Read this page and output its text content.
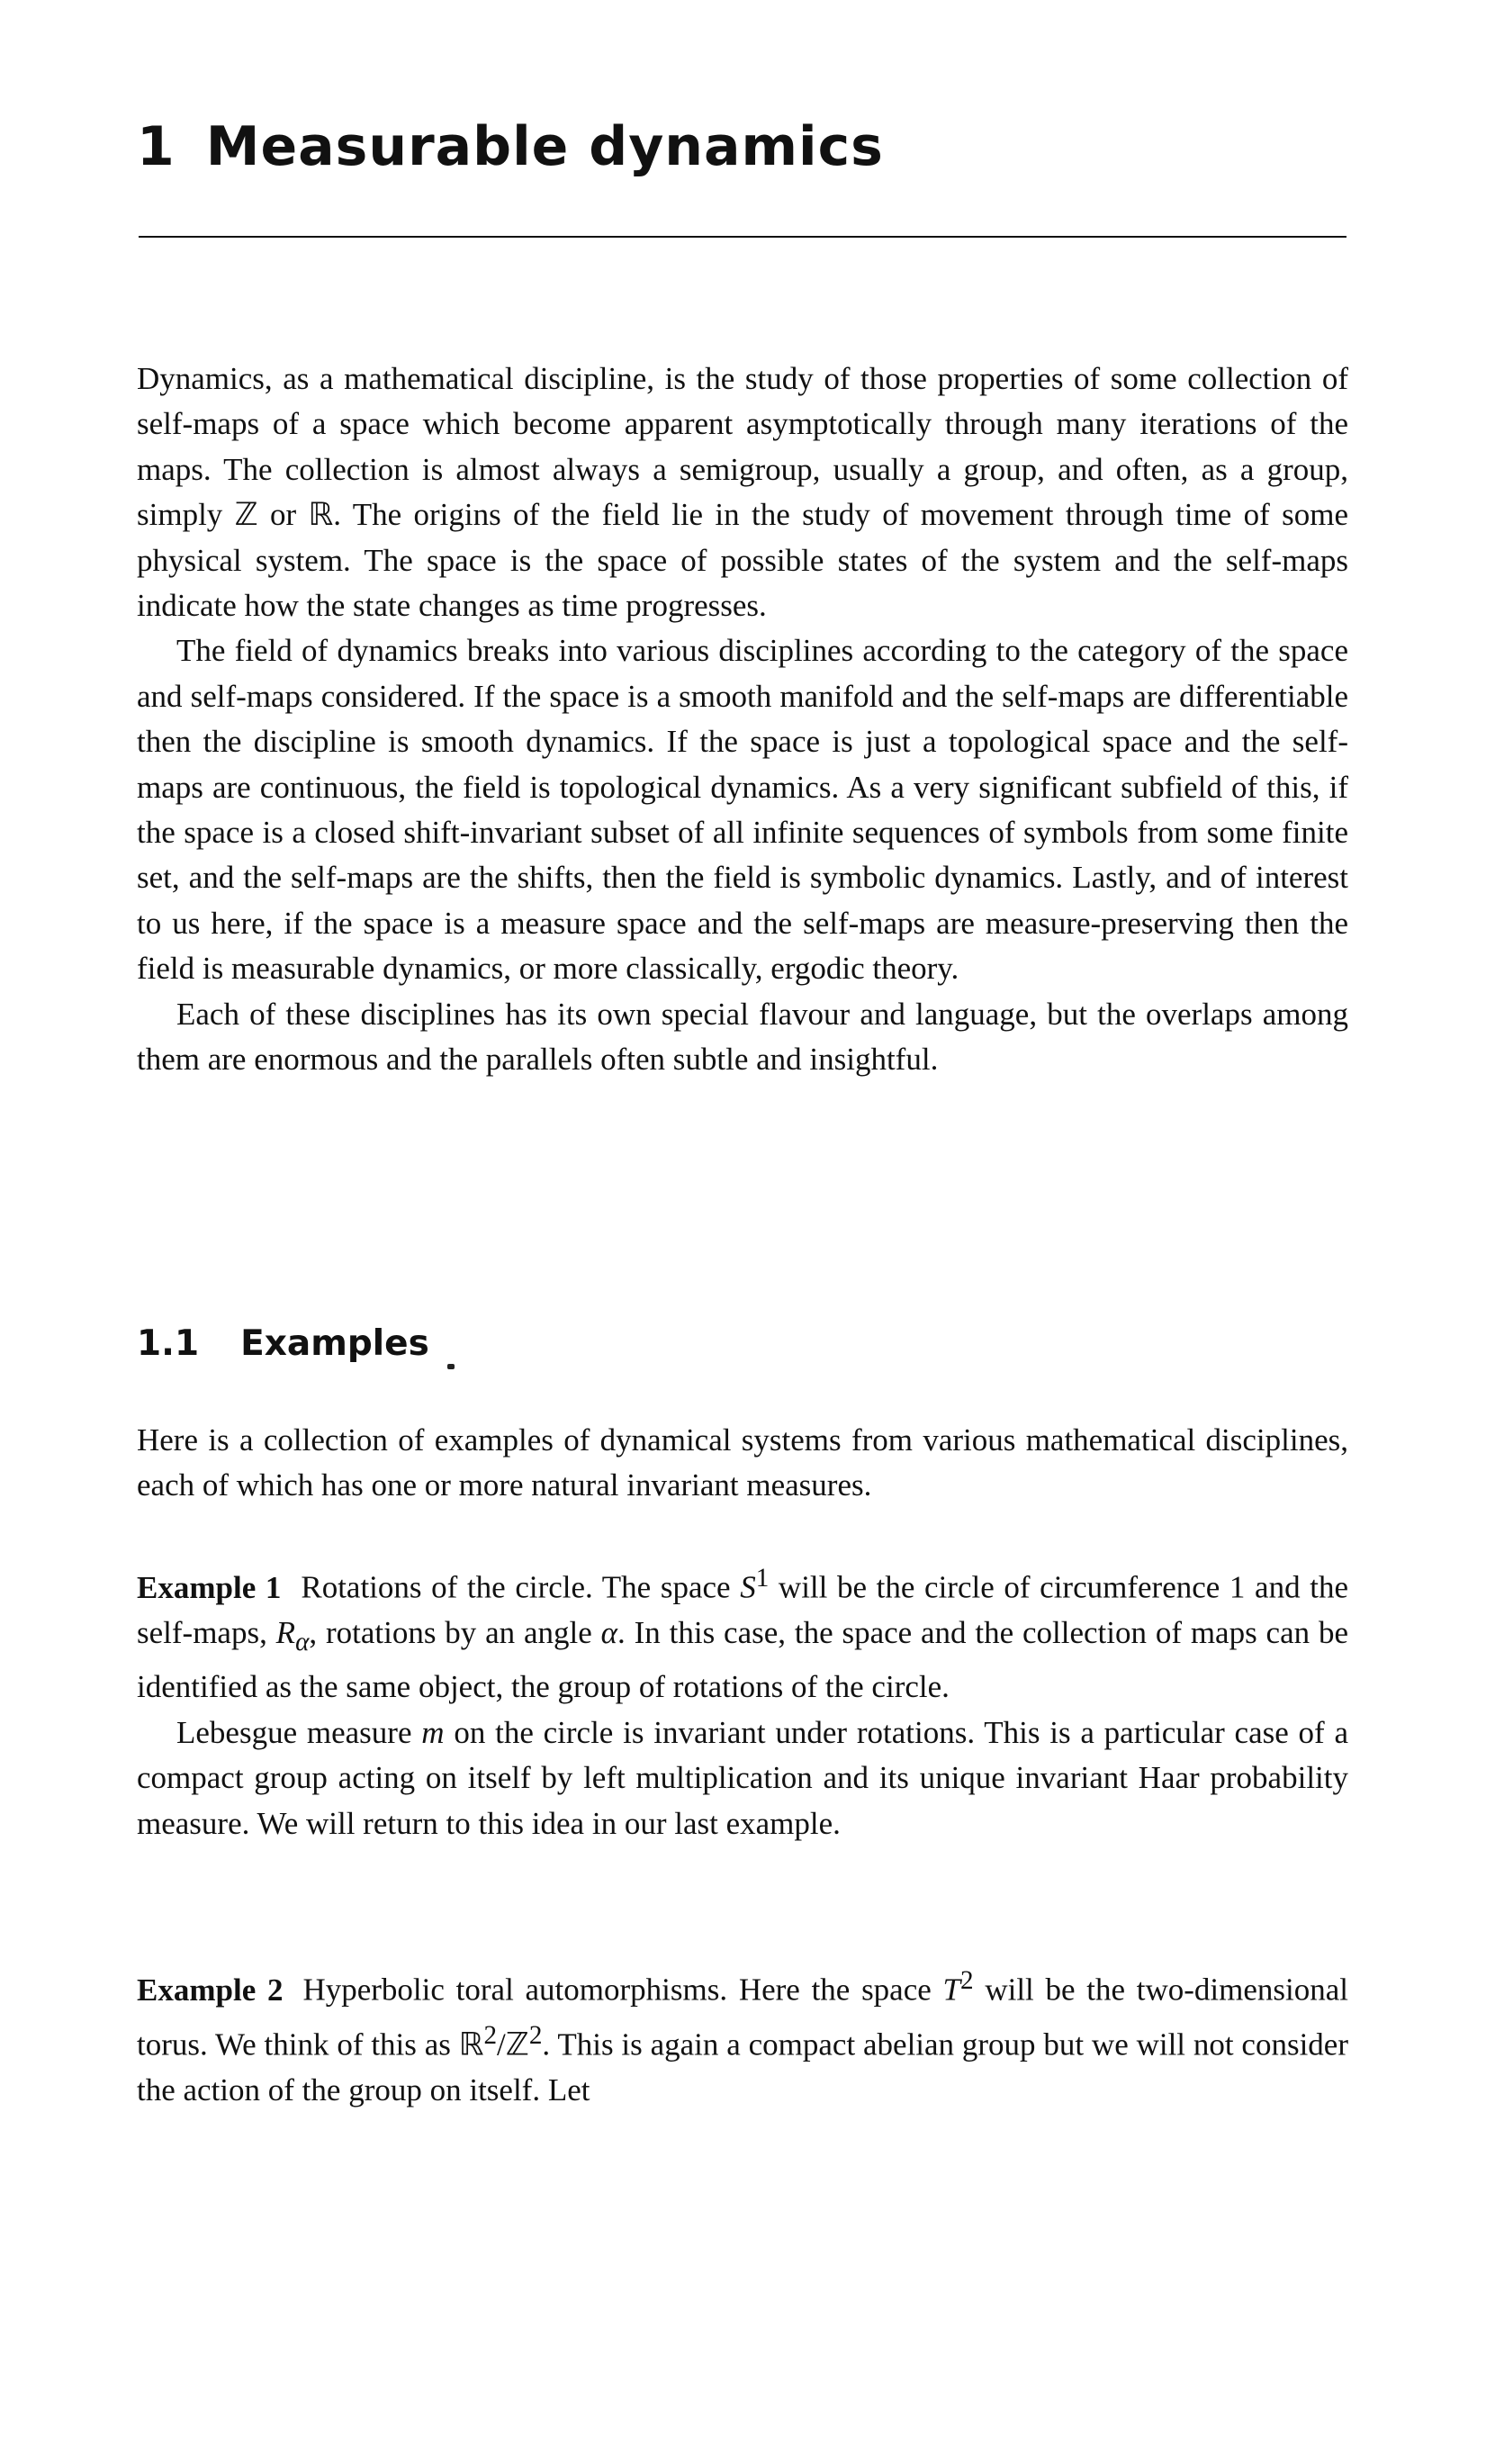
1 Measurable dynamics

Dynamics, as a mathematical discipline, is the study of those properties of some collection of self-maps of a space which become apparent asymptotically through many iterations of the maps. The collection is almost always a semigroup, usually a group, and often, as a group, simply ℤ or ℝ. The origins of the field lie in the study of movement through time of some physical system. The space is the space of possible states of the system and the self-maps indicate how the state changes as time progresses.

The field of dynamics breaks into various disciplines according to the category of the space and self-maps considered. If the space is a smooth manifold and the self-maps are differentiable then the discipline is smooth dynamics. If the space is just a topological space and the self-maps are continuous, the field is topological dynamics. As a very significant subfield of this, if the space is a closed shift-invariant subset of all infinite sequences of symbols from some finite set, and the self-maps are the shifts, then the field is symbolic dynamics. Lastly, and of interest to us here, if the space is a measure space and the self-maps are measure-preserving then the field is measurable dynamics, or more classically, ergodic theory.

Each of these disciplines has its own special flavour and language, but the overlaps among them are enormous and the parallels often subtle and insightful.

1.1 Examples

Here is a collection of examples of dynamical systems from various mathematical disciplines, each of which has one or more natural invariant measures.

Example 1 Rotations of the circle. The space $S^1$ will be the circle of circumference 1 and the self-maps, $R_\alpha$, rotations by an angle α. In this case, the space and the collection of maps can be identified as the same object, the group of rotations of the circle.

Lebesgue measure m on the circle is invariant under rotations. This is a particular case of a compact group acting on itself by left multiplication and its unique invariant Haar probability measure. We will return to this idea in our last example.

Example 2 Hyperbolic toral automorphisms. Here the space $T^2$ will be the two-dimensional torus. We think of this as ℝ$^2$/ℤ$^2$. This is again a compact abelian group but we will not consider the action of the group on itself. Let
